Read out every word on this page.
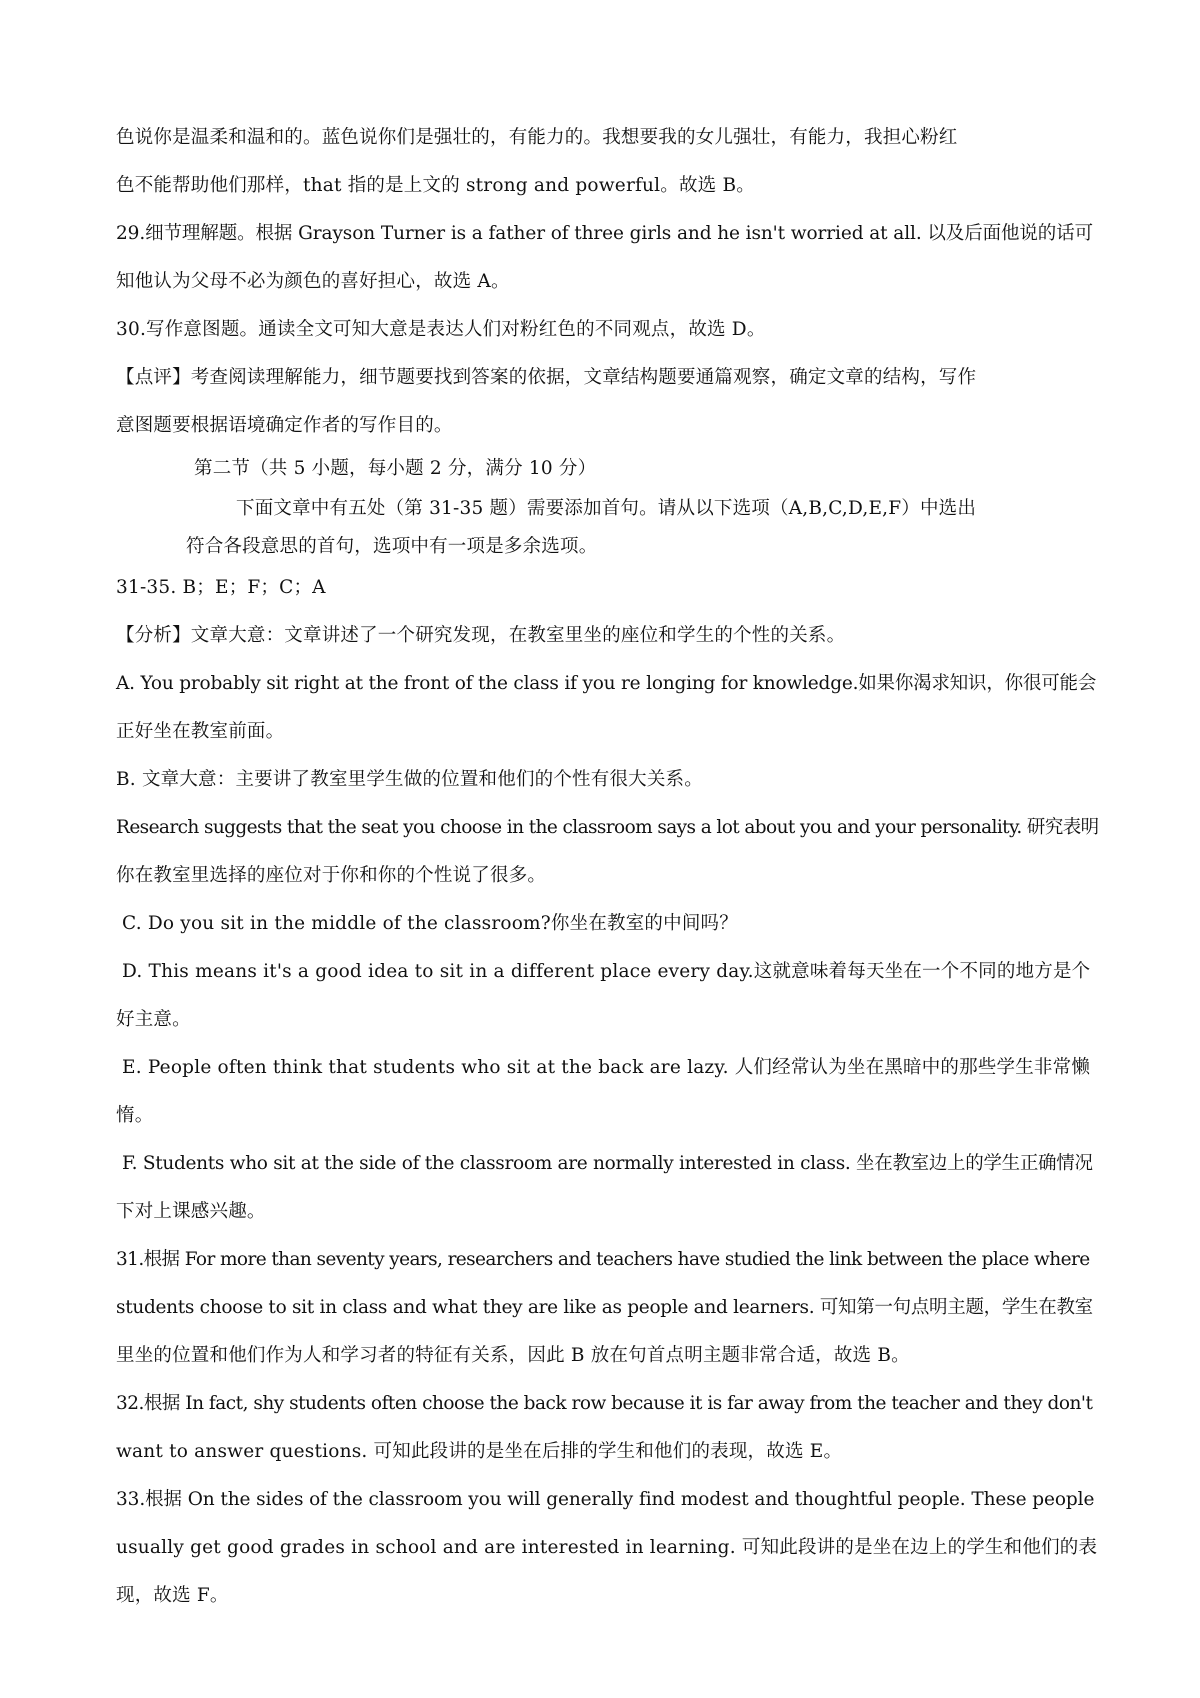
色说你是温柔和温和的。蓝色说你们是强壮的，有能力的。我想要我的女儿强壮，有能力，我担心粉红
色不能帮助他们那样，that 指的是上文的 strong and powerful。故选 B。
29.细节理解题。根据 Grayson Turner is a father of three girls and he isn't worried at all. 以及后面他说的话可
知他认为父母不必为颜色的喜好担心，故选 A。
30.写作意图题。通读全文可知大意是表达人们对粉红色的不同观点，故选 D。
【点评】考查阅读理解能力，细节题要找到答案的依据，文章结构题要通篇观察，确定文章的结构，写作
意图题要根据语境确定作者的写作目的。
第二节（共 5 小题，每小题 2 分，满分 10 分）
下面文章中有五处（第 31-35 题）需要添加首句。请从以下选项（A,B,C,D,E,F）中选出
符合各段意思的首句，选项中有一项是多余选项。
31-35. B；E；F；C；A
【分析】文章大意：文章讲述了一个研究发现，在教室里坐的座位和学生的个性的关系。
A. You probably sit right at the front of the class if you re longing for knowledge.如果你渴求知识，你很可能会
正好坐在教室前面。
B. 文章大意：主要讲了教室里学生做的位置和他们的个性有很大关系。
Research suggests that the seat you choose in the classroom says a lot about you and your personality. 研究表明
你在教室里选择的座位对于你和你的个性说了很多。
C. Do you sit in the middle of the classroom?你坐在教室的中间吗？
D. This means it's a good idea to sit in a different place every day.这就意味着每天坐在一个不同的地方是个
好主意。
E. People often think that students who sit at the back are lazy. 人们经常认为坐在黑暗中的那些学生非常懒
惰。
F. Students who sit at the side of the classroom are normally interested in class. 坐在教室边上的学生正确情况
下对上课感兴趣。
31.根据 For more than seventy years, researchers and teachers have studied the link between the place where
students choose to sit in class and what they are like as people and learners. 可知第一句点明主题，学生在教室
里坐的位置和他们作为人和学习者的特征有关系，因此 B 放在句首点明主题非常合适，故选 B。
32.根据 In fact, shy students often choose the back row because it is far away from the teacher and they don't
want to answer questions. 可知此段讲的是坐在后排的学生和他们的表现，故选 E。
33.根据 On the sides of the classroom you will generally find modest and thoughtful people. These people
usually get good grades in school and are interested in learning. 可知此段讲的是坐在边上的学生和他们的表
现，故选 F。
